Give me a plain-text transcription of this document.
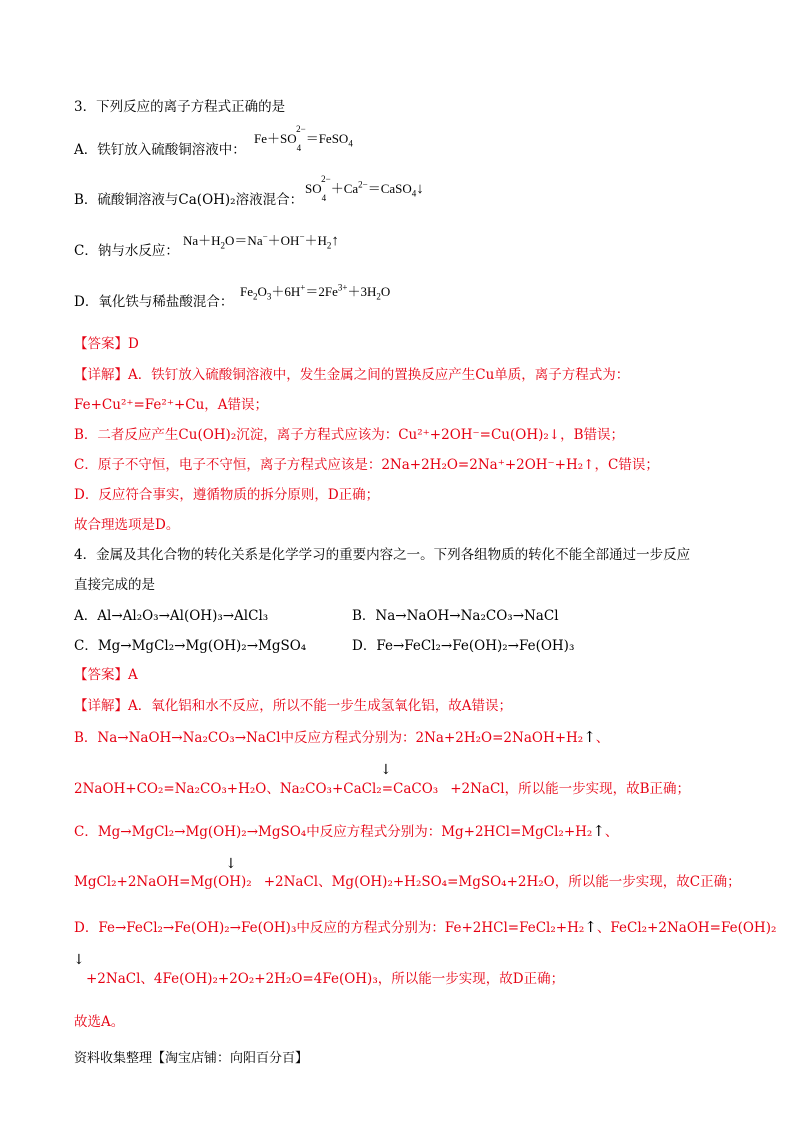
3．下列反应的离子方程式正确的是
A．铁钉放入硫酸铜溶液中：
$Fe+SO_4^{2-}=FeSO_4$
B．硫酸铜溶液与Ca(OH)₂溶液混合：
$SO_4^{2-}+Ca^{2-}=CaSO_4↓$
C．钠与水反应：
$Na+H_2O=Na^-+OH^-+H_2↑$
D．氧化铁与稀盐酸混合：
$Fe_2O_3+6H^+=2Fe^{3+}+3H_2O$
【答案】D
【详解】A．铁钉放入硫酸铜溶液中，发生金属之间的置换反应产生Cu单质，离子方程式为：
Fe+Cu²⁺=Fe²⁺+Cu，A错误；
B．二者反应产生Cu(OH)₂沉淀，离子方程式应该为：Cu²⁺+2OH⁻=Cu(OH)₂↓，B错误；
C．原子不守恒，电子不守恒，离子方程式应该是：2Na+2H₂O=2Na⁺+2OH⁻+H₂↑，C错误；
D．反应符合事实，遵循物质的拆分原则，D正确；
故合理选项是D。
4．金属及其化合物的转化关系是化学学习的重要内容之一。下列各组物质的转化不能全部通过一步反应
直接完成的是
A．Al→Al₂O₃→Al(OH)₃→AlCl₃	B．Na→NaOH→Na₂CO₃→NaCl
C．Mg→MgCl₂→Mg(OH)₂→MgSO₄	D．Fe→FeCl₂→Fe(OH)₂→Fe(OH)₃
【答案】A
【详解】A．氧化铝和水不反应，所以不能一步生成氢氧化铝，故A错误；
B．Na→NaOH→Na₂CO₃→NaCl中反应方程式分别为：2Na+2H₂O=2NaOH+H₂↑、
2NaOH+CO₂=Na₂CO₃+H₂O、Na₂CO₃+CaCl₂=CaCO₃ +2NaCl，所以能一步实现，故B正确；
↓
C．Mg→MgCl₂→Mg(OH)₂→MgSO₄中反应方程式分别为：Mg+2HCl=MgCl₂+H₂↑、
MgCl₂+2NaOH=Mg(OH)₂ +2NaCl、Mg(OH)₂+H₂SO₄=MgSO₄+2H₂O，所以能一步实现，故C正确；
↓
D．Fe→FeCl₂→Fe(OH)₂→Fe(OH)₃中反应的方程式分别为：Fe+2HCl=FeCl₂+H₂↑、FeCl₂+2NaOH=Fe(OH)₂
↓
+2NaCl、4Fe(OH)₂+2O₂+2H₂O=4Fe(OH)₃，所以能一步实现，故D正确；
故选A。
资料收集整理【淘宝店铺：向阳百分百】
